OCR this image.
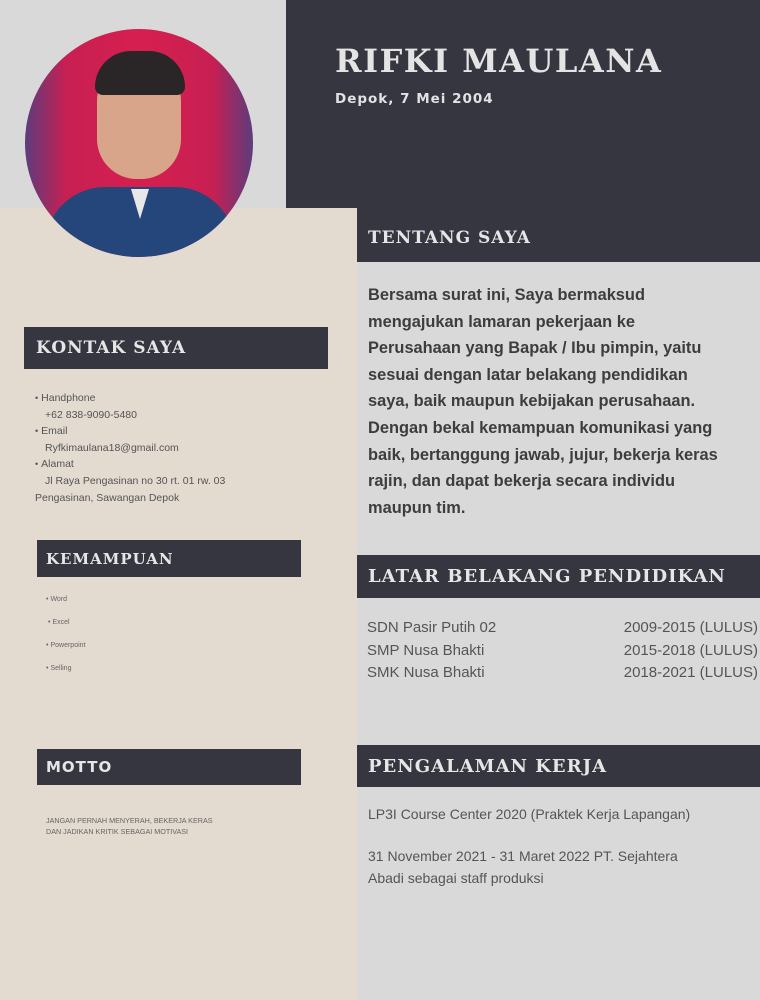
RIFKI MAULANA
Depok, 7 Mei 2004
TENTANG SAYA
Bersama surat ini, Saya bermaksud
mengajukan lamaran pekerjaan ke
Perusahaan yang Bapak / Ibu pimpin, yaitu
sesuai dengan latar belakang pendidikan
saya, baik maupun kebijakan perusahaan.
Dengan bekal kemampuan komunikasi yang
baik, bertanggung jawab, jujur, bekerja keras
rajin, dan dapat bekerja secara individu
maupun tim.
KONTAK SAYA
• Handphone
+62 838-9090-5480
• Email
Ryfkimaulana18@gmail.com
• Alamat
Jl Raya Pengasinan no 30 rt. 01 rw. 03
Pengasinan, Sawangan Depok
KEMAMPUAN
• Word
• Excel
• Powerpoint
• Selling
MOTTO
JANGAN PERNAH MENYERAH, BEKERJA KERAS
DAN JADIKAN KRITIK SEBAGAI MOTIVASI
LATAR BELAKANG PENDIDIKAN
SDN Pasir Putih 02	2009-2015 (LULUS)
SMP Nusa Bhakti	2015-2018 (LULUS)
SMK Nusa Bhakti	2018-2021 (LULUS)
PENGALAMAN KERJA
LP3I Course Center 2020 (Praktek Kerja Lapangan)
31 November 2021 - 31 Maret 2022 PT. Sejahtera
Abadi sebagai staff produksi
